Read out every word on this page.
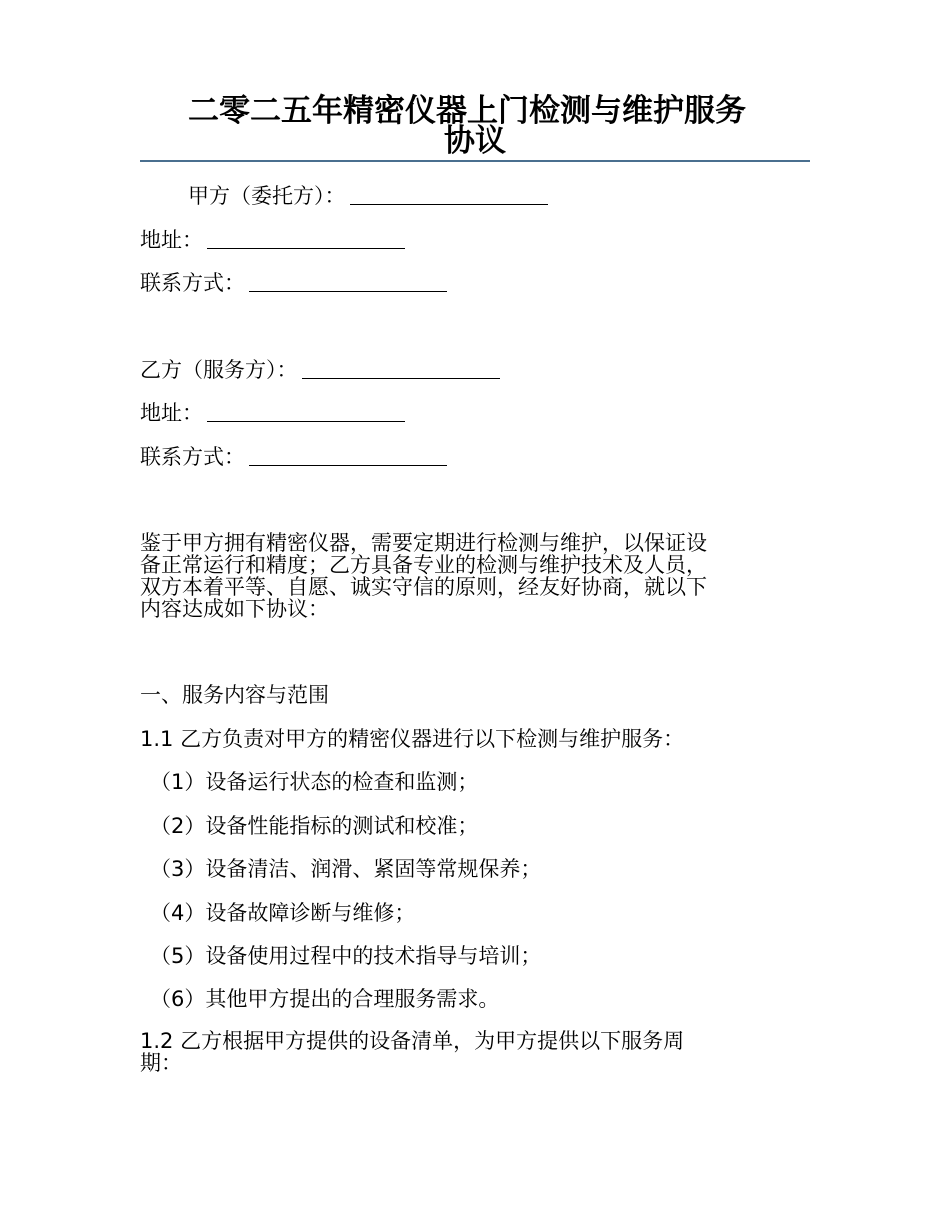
二零二五年精密仪器上门检测与维护服务
协议
甲方（委托方）：
地址：
联系方式：
乙方（服务方）：
地址：
联系方式：
鉴于甲方拥有精密仪器，需要定期进行检测与维护，以保证设
备正常运行和精度；乙方具备专业的检测与维护技术及人员，
双方本着平等、自愿、诚实守信的原则，经友好协商，就以下
内容达成如下协议：
一、服务内容与范围
1.1 乙方负责对甲方的精密仪器进行以下检测与维护服务：
（1）设备运行状态的检查和监测；
（2）设备性能指标的测试和校准；
（3）设备清洁、润滑、紧固等常规保养；
（4）设备故障诊断与维修；
（5）设备使用过程中的技术指导与培训；
（6）其他甲方提出的合理服务需求。
1.2 乙方根据甲方提供的设备清单，为甲方提供以下服务周
期：
